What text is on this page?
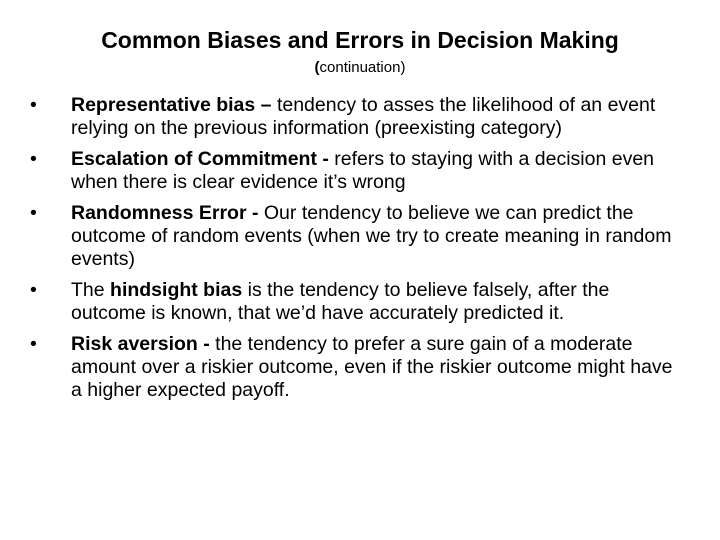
Common Biases and Errors in Decision Making
(continuation)
• Representative bias – tendency to asses the likelihood of an event relying on the previous information (preexisting category)
• Escalation of Commitment - refers to staying with a decision even when there is clear evidence it’s wrong
• Randomness Error - Our tendency to believe we can predict the outcome of random events (when we try to create meaning in random events)
• The hindsight bias is the tendency to believe falsely, after the outcome is known, that we’d have accurately predicted it.
• Risk aversion - the tendency to prefer a sure gain of a moderate amount over a riskier outcome, even if the riskier outcome might have a higher expected payoff.
